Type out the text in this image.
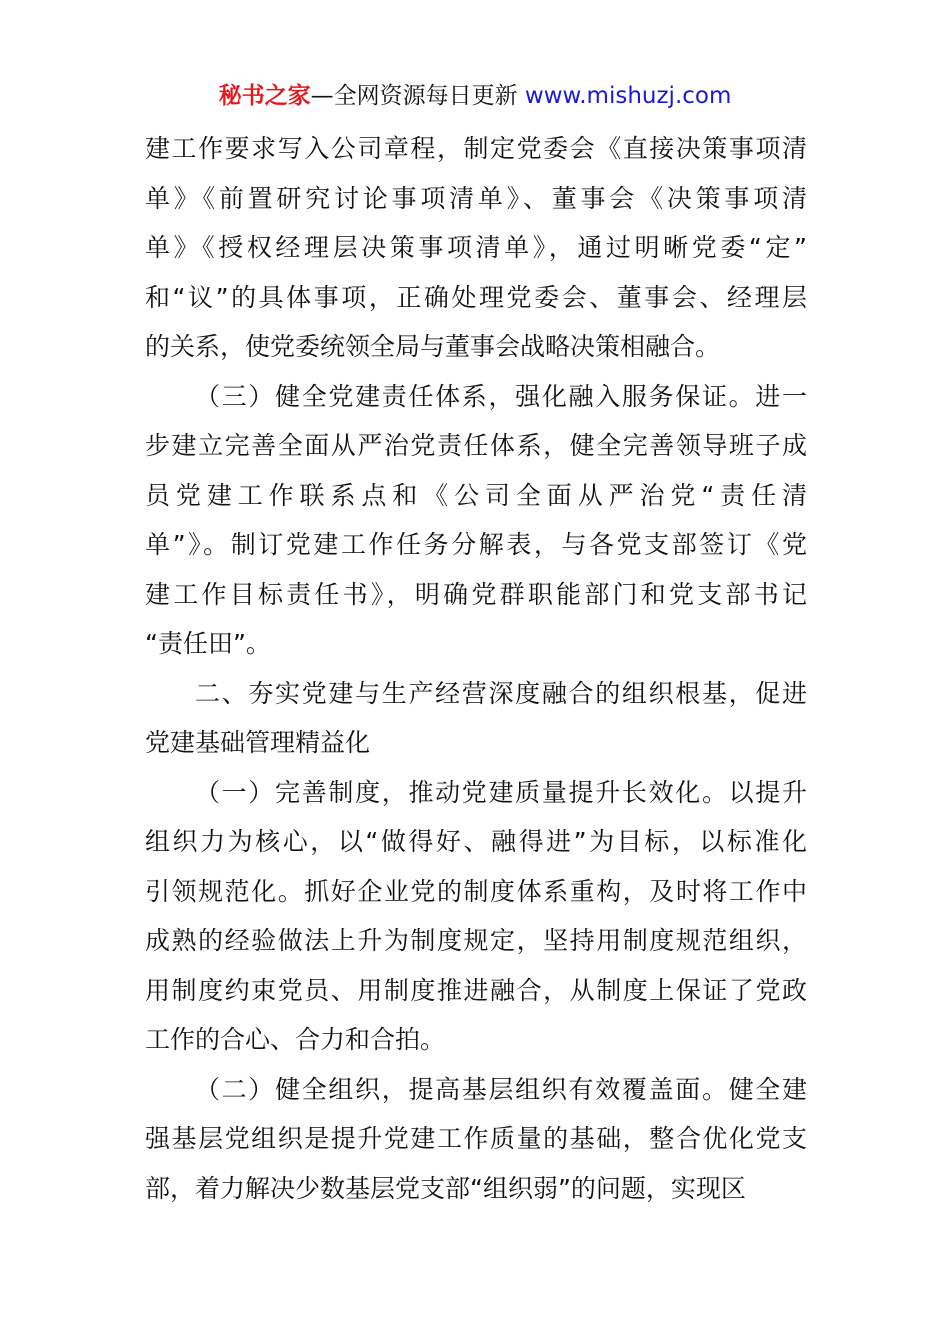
秘书之家—全网资源每日更新 www.mishuzj.com
建工作要求写入公司章程，制定党委会《直接决策事项清
单》《前置研究讨论事项清单》、董事会《决策事项清
单》《授权经理层决策事项清单》，通过明晰党委“定”
和“议”的具体事项，正确处理党委会、董事会、经理层
的关系，使党委统领全局与董事会战略决策相融合。
（三）健全党建责任体系，强化融入服务保证。进一
步建立完善全面从严治党责任体系，健全完善领导班子成
员党建工作联系点和《公司全面从严治党“责任清
单”》。制订党建工作任务分解表，与各党支部签订《党
建工作目标责任书》，明确党群职能部门和党支部书记
“责任田”。
二、夯实党建与生产经营深度融合的组织根基，促进
党建基础管理精益化
（一）完善制度，推动党建质量提升长效化。以提升
组织力为核心，以“做得好、融得进”为目标，以标准化
引领规范化。抓好企业党的制度体系重构，及时将工作中
成熟的经验做法上升为制度规定，坚持用制度规范组织，
用制度约束党员、用制度推进融合，从制度上保证了党政
工作的合心、合力和合拍。
（二）健全组织，提高基层组织有效覆盖面。健全建
强基层党组织是提升党建工作质量的基础，整合优化党支
部，着力解决少数基层党支部“组织弱”的问题，实现区
